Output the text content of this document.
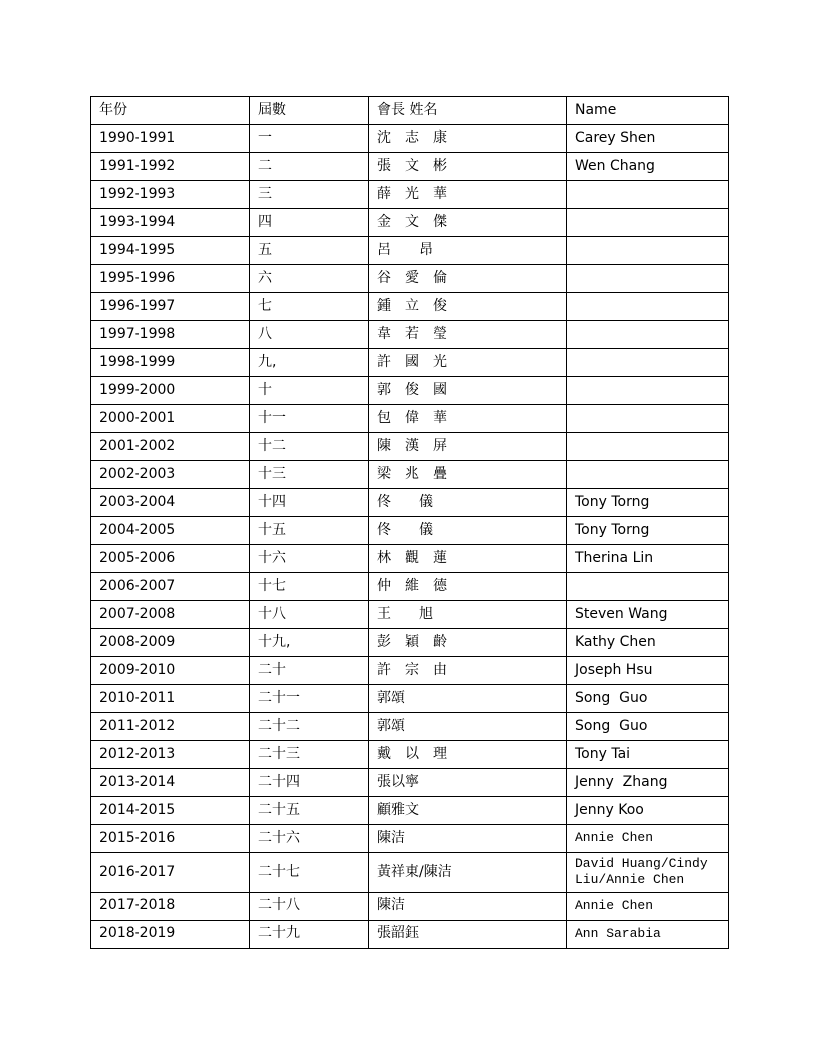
年份	屆數	會長 姓名	Name
1990-1991	一	沈　志　康	Carey Shen
1991-1992	二	張　文　彬	Wen Chang
1992-1993	三	薛　光　華	
1993-1994	四	金　文　傑	
1994-1995	五	呂　　昂	
1995-1996	六	谷　愛　倫	
1996-1997	七	鍾　立　俊	
1997-1998	八	韋　若　瑩	
1998-1999	九,	許　國　光	
1999-2000	十	郭　俊　國	
2000-2001	十一	包　偉　華	
2001-2002	十二	陳　漢　屏	
2002-2003	十三	梁　兆　疊	
2003-2004	十四	佟　　儀	Tony Torng
2004-2005	十五	佟　　儀	Tony Torng
2005-2006	十六	林　觀　蓮	Therina Lin
2006-2007	十七	仲　維　德	
2007-2008	十八	王　　旭	Steven Wang
2008-2009	十九,	彭　穎　齡	Kathy Chen
2009-2010	二十	許　宗　由	Joseph Hsu
2010-2011	二十一	郭頌	Song  Guo
2011-2012	二十二	郭頌	Song  Guo
2012-2013	二十三	戴　以　理	Tony Tai
2013-2014	二十四	張以寧	Jenny  Zhang
2014-2015	二十五	顧雅文	Jenny Koo
2015-2016	二十六	陳洁	Annie Chen
2016-2017	二十七	黃祥東/陳洁	David Huang/Cindy Liu/Annie Chen
2017-2018	二十八	陳洁	Annie Chen
2018-2019	二十九	張韶鈺	Ann Sarabia
